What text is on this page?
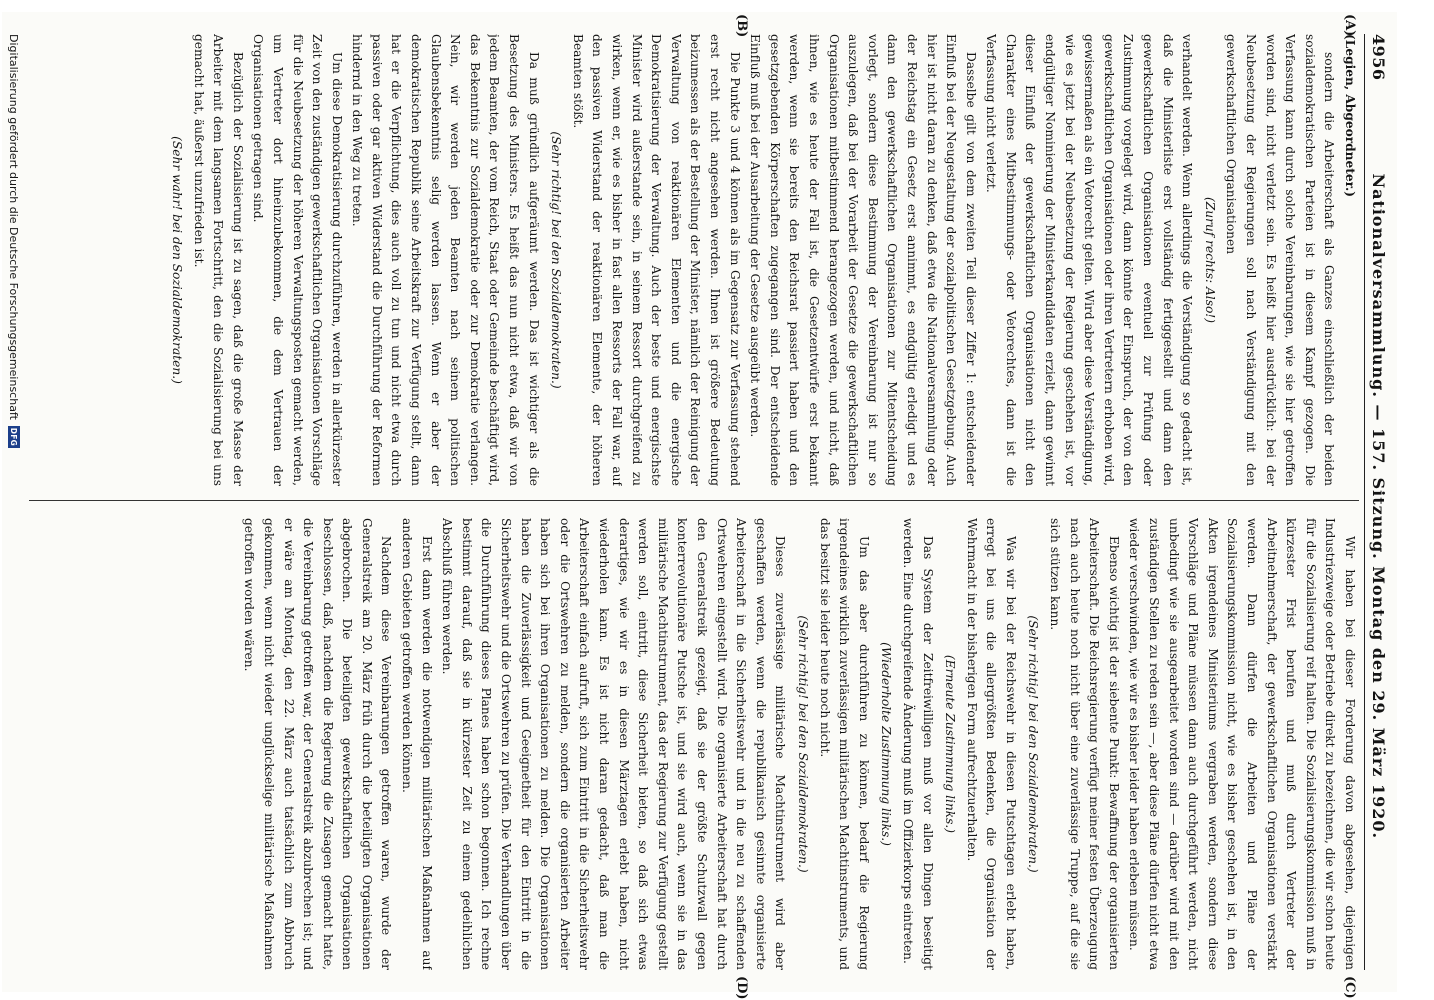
4956
Nationalversammlung. — 157. Sitzung. Montag den 29. März 1920.
(A)
(B)
(C)
(D)

(Legien, Abgeordneter.)

sondern die Arbeiterschaft als Ganzes einschließlich der beiden sozialdemokratischen Parteien ist in diesem Kampf gezogen. Die Verfassung kann durch solche Vereinbarungen, wie sie hier getroffen worden sind, nicht verletzt sein. Es heißt hier ausdrücklich: bei der Neubesetzung der Regierungen soll nach Verständigung mit den gewerkschaftlichen Organisationen

(Zuruf rechts: Also!)

verhandelt werden. Wenn allerdings die Verständigung so gedacht ist, daß die Ministerliste erst vollständig fertiggestellt und dann den gewerkschaftlichen Organisationen eventuell zur Prüfung oder Zustimmung vorgelegt wird, dann könnte der Einspruch, der von den gewerkschaftlichen Organisationen oder ihren Vertretern erhoben wird, gewissermaßen als ein Vetorecht gelten. Wird aber diese Verständigung, wie es jetzt bei der Neubesetzung der Regierung geschehen ist, vor endgültiger Nominierung der Ministerkandidaten erzielt, dann gewinnt dieser Einfluß der gewerkschaftlichen Organisationen nicht den Charakter eines Mitbestimmungs- oder Vetorechtes, dann ist die Verfassung nicht verletzt.

Dasselbe gilt von dem zweiten Teil dieser Ziffer 1: entscheidender Einfluß bei der Neugestaltung der sozialpolitischen Gesetzgebung. Auch hier ist nicht daran zu denken, daß etwa die Nationalversammlung oder der Reichstag ein Gesetz erst annimmt, es endgültig erledigt und es dann den gewerkschaftlichen Organisationen zur Mitentscheidung vorlegt, sondern diese Bestimmung der Vereinbarung ist nur so auszulegen, daß bei der Vorarbeit der Gesetze die gewerkschaftlichen Organisationen mitbestimmend herangezogen werden, und nicht, daß ihnen, wie es heute der Fall ist, die Gesetzentwürfe erst bekannt werden, wenn sie bereits den Reichsrat passiert haben und den gesetzgebenden Körperschaften zugegangen sind. Der entscheidende Einfluß muß bei der Ausarbeitung der Gesetze ausgeübt werden.

Die Punkte 3 und 4 können als im Gegensatz zur Verfassung stehend erst recht nicht angesehen werden. Ihnen ist größere Bedeutung beizumessen als der Bestellung der Minister, nämlich der Reinigung der Verwaltung von reaktionären Elementen und die energische Demokratisierung der Verwaltung. Auch der beste und energischste Minister wird außerstande sein, in seinem Ressort durchgreifend zu wirken, wenn er, wie es bisher in fast allen Ressorts der Fall war, auf den passiven Widerstand der reaktionären Elemente, der höheren Beamten stößt.

(Sehr richtig! bei den Sozialdemokraten.)

Da muß gründlich aufgeräumt werden. Das ist wichtiger als die Besetzung des Ministers. Es heißt das nun nicht etwa, daß wir von jedem Beamten, der vom Reich, Staat oder Gemeinde beschäftigt wird, das Bekenntnis zur Sozialdemokratie oder zur Demokratie verlangen. Nein, wir werden jeden Beamten nach seinem politischen Glaubensbekenntnis selig werden lassen. Wenn er aber der demokratischen Republik seine Arbeitskraft zur Verfügung stellt, dann hat er die Verpflichtung, dies auch voll zu tun und nicht etwa durch passiven oder gar aktiven Widerstand die Durchführung der Reformen hindernd in den Weg zu treten.

Um diese Demokratisierung durchzuführen, werden in allerkürzester Zeit von den zuständigen gewerkschaftlichen Organisationen Vorschläge für die Neubesetzung der höheren Verwaltungsposten gemacht werden, um Vertreter dort hineinzubekommen, die dem Vertrauen der Organisationen getragen sind.

Bezüglich der Sozialisierung ist zu sagen, daß die große Masse der Arbeiter mit dem langsamen Fortschritt, den die Sozialisierung bei uns gemacht hat, äußerst unzufrieden ist.

(Sehr wahr! bei den Sozialdemokraten.)

Wir haben bei dieser Forderung davon abgesehen, diejenigen Industriezweige oder Betriebe direkt zu bezeichnen, die wir schon heute für die Sozialisierung reif halten. Die Sozialisierungskommission muß in kürzester Frist berufen und muß durch Vertreter der Arbeitnehmerschaft, der gewerkschaftlichen Organisationen verstärkt werden. Dann dürfen die Arbeiten und Pläne der Sozialisierungskommission nicht, wie es bisher geschehen ist, in den Akten irgendeines Ministeriums vergraben werden, sondern diese Vorschläge und Pläne müssen dann auch durchgeführt werden, nicht unbedingt wie sie ausgearbeitet worden sind — darüber wird mit den zuständigen Stellen zu reden sein —, aber diese Pläne dürfen nicht etwa wieder verschwinden, wie wir es bisher leider haben erleben müssen.

Ebenso wichtig ist der siebente Punkt: Bewaffnung der organisierten Arbeiterschaft. Die Reichsregierung verfügt meiner festen Überzeugung nach auch heute noch nicht über eine zuverlässige Truppe, auf die sie sich stützen kann.

(Sehr richtig! bei den Sozialdemokraten.)

Was wir bei der Reichswehr in diesen Putschtagen erlebt haben, erregt bei uns die allergrößten Bedenken, die Organisation der Wehrmacht in der bisherigen Form aufrechtzuerhalten.

(Erneute Zustimmung links.)

Das System der Zeitfreiwilligen muß vor allen Dingen beseitigt werden. Eine durchgreifende Änderung muß im Offizierkorps eintreten.

(Wiederholte Zustimmung links.)

Um das aber durchführen zu können, bedarf die Regierung irgendeines wirklich zuverlässigen militärischen Machtinstruments, und das besitzt sie leider heute noch nicht.

(Sehr richtig! bei den Sozialdemokraten.)

Dieses zuverlässige militärische Machtinstrument wird aber geschaffen werden, wenn die republikanisch gesinnte organisierte Arbeiterschaft in die Sicherheitswehr und in die neu zu schaffenden Ortswehren eingestellt wird. Die organisierte Arbeiterschaft hat durch den Generalstreik gezeigt, daß sie der größte Schutzwall gegen konterrevolutionäre Putsche ist, und sie wird auch, wenn sie in das militärische Machtinstrument, das der Regierung zur Verfügung gestellt werden soll, eintritt, diese Sicherheit bieten, so daß sich etwas derartiges, wie wir es in diesen Märztagen erlebt haben, nicht wiederholen kann. Es ist nicht daran gedacht, daß man die Arbeiterschaft einfach aufruft, sich zum Eintritt in die Sicherheitswehr oder die Ortswehren zu melden, sondern die organisierten Arbeiter haben sich bei ihren Organisationen zu melden. Die Organisationen haben die Zuverlässigkeit und Geeignetheit für den Eintritt in die Sicherheitswehr und die Ortswehren zu prüfen. Die Verhandlungen über die Durchführung dieses Planes haben schon begonnen. Ich rechne bestimmt darauf, daß sie in kürzester Zeit zu einem gedeihlichen Abschluß führen werden.

Erst dann werden die notwendigen militärischen Maßnahmen auf anderen Gebieten getroffen werden können.

Nachdem diese Vereinbarungen getroffen waren, wurde der Generalstreik am 20. März früh durch die beteiligten Organisationen abgebrochen. Die beteiligten gewerkschaftlichen Organisationen beschlossen, daß, nachdem die Regierung die Zusagen gemacht hatte, die Vereinbarung getroffen war, der Generalstreik abzubrechen ist; und er wäre am Montag, den 22. März auch tatsächlich zum Abbruch gekommen, wenn nicht wieder unglückselige militärische Maßnahmen getroffen worden wären.

Digitalisierung gefördert durch die Deutsche Forschungsgemeinschaft
DFG
